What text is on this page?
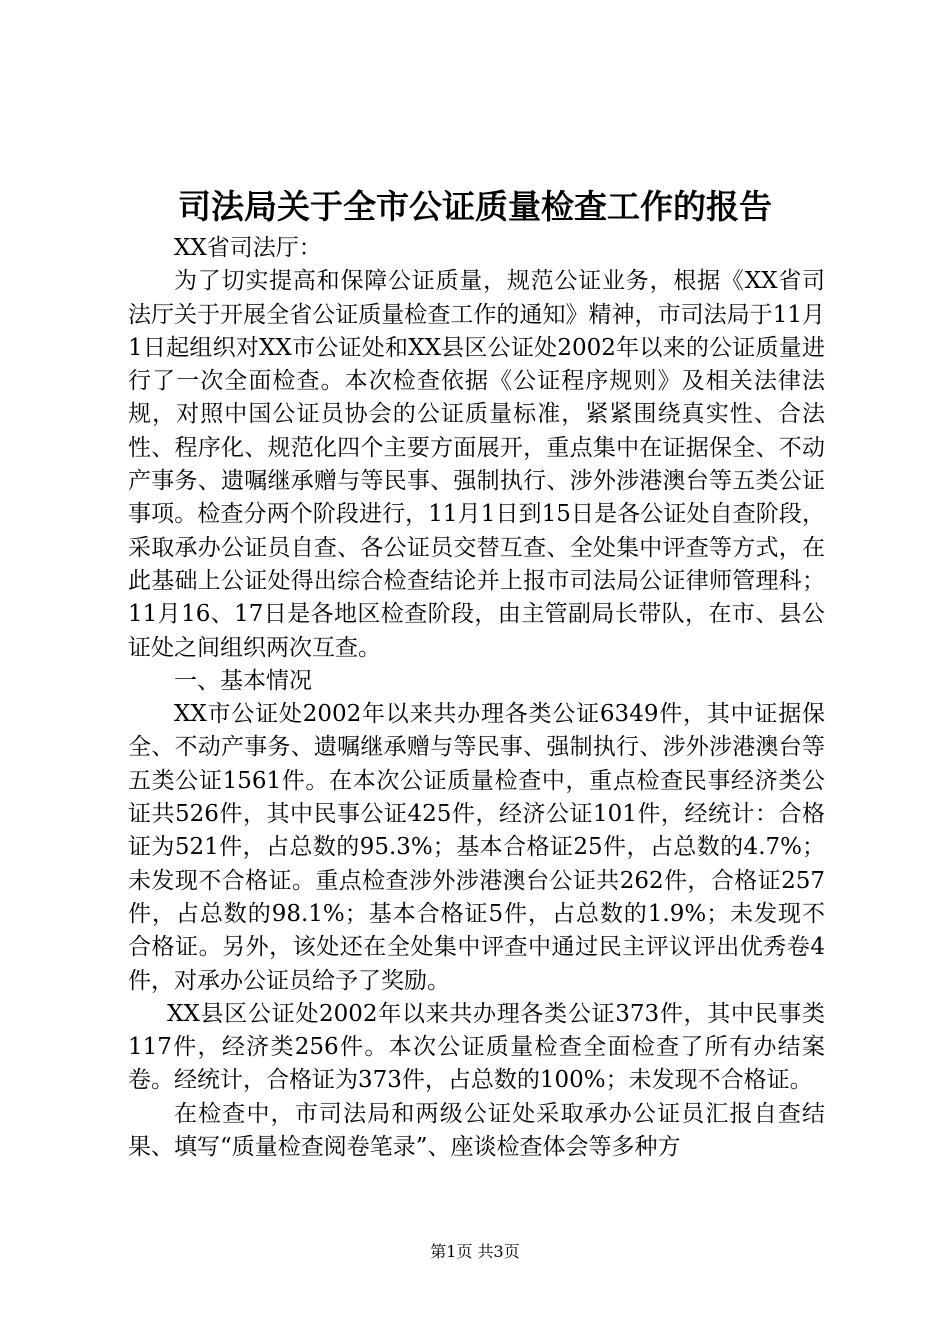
司法局关于全市公证质量检查工作的报告

XX省司法厅：

为了切实提高和保障公证质量，规范公证业务，根据《XX省司法厅关于开展全省公证质量检查工作的通知》精神，市司法局于11月1日起组织对XX市公证处和XX县区公证处2002年以来的公证质量进行了一次全面检查。本次检查依据《公证程序规则》及相关法律法规，对照中国公证员协会的公证质量标准，紧紧围绕真实性、合法性、程序化、规范化四个主要方面展开，重点集中在证据保全、不动产事务、遗嘱继承赠与等民事、强制执行、涉外涉港澳台等五类公证事项。检查分两个阶段进行，11月1日到15日是各公证处自查阶段，采取承办公证员自查、各公证员交替互查、全处集中评查等方式，在此基础上公证处得出综合检查结论并上报市司法局公证律师管理科；11月16、17日是各地区检查阶段，由主管副局长带队，在市、县公证处之间组织两次互查。

一、基本情况

XX市公证处2002年以来共办理各类公证6349件，其中证据保全、不动产事务、遗嘱继承赠与等民事、强制执行、涉外涉港澳台等五类公证1561件。在本次公证质量检查中，重点检查民事经济类公证共526件，其中民事公证425件，经济公证101件，经统计：合格证为521件，占总数的95.3%；基本合格证25件，占总数的4.7%；未发现不合格证。重点检查涉外涉港澳台公证共262件，合格证257件，占总数的98.1%；基本合格证5件，占总数的1.9%；未发现不合格证。另外，该处还在全处集中评查中通过民主评议评出优秀卷4件，对承办公证员给予了奖励。

XX县区公证处2002年以来共办理各类公证373件，其中民事类117件，经济类256件。本次公证质量检查全面检查了所有办结案卷。经统计，合格证为373件，占总数的100%；未发现不合格证。

在检查中，市司法局和两级公证处采取承办公证员汇报自查结果、填写“质量检查阅卷笔录”、座谈检查体会等多种方

第1页 共3页
